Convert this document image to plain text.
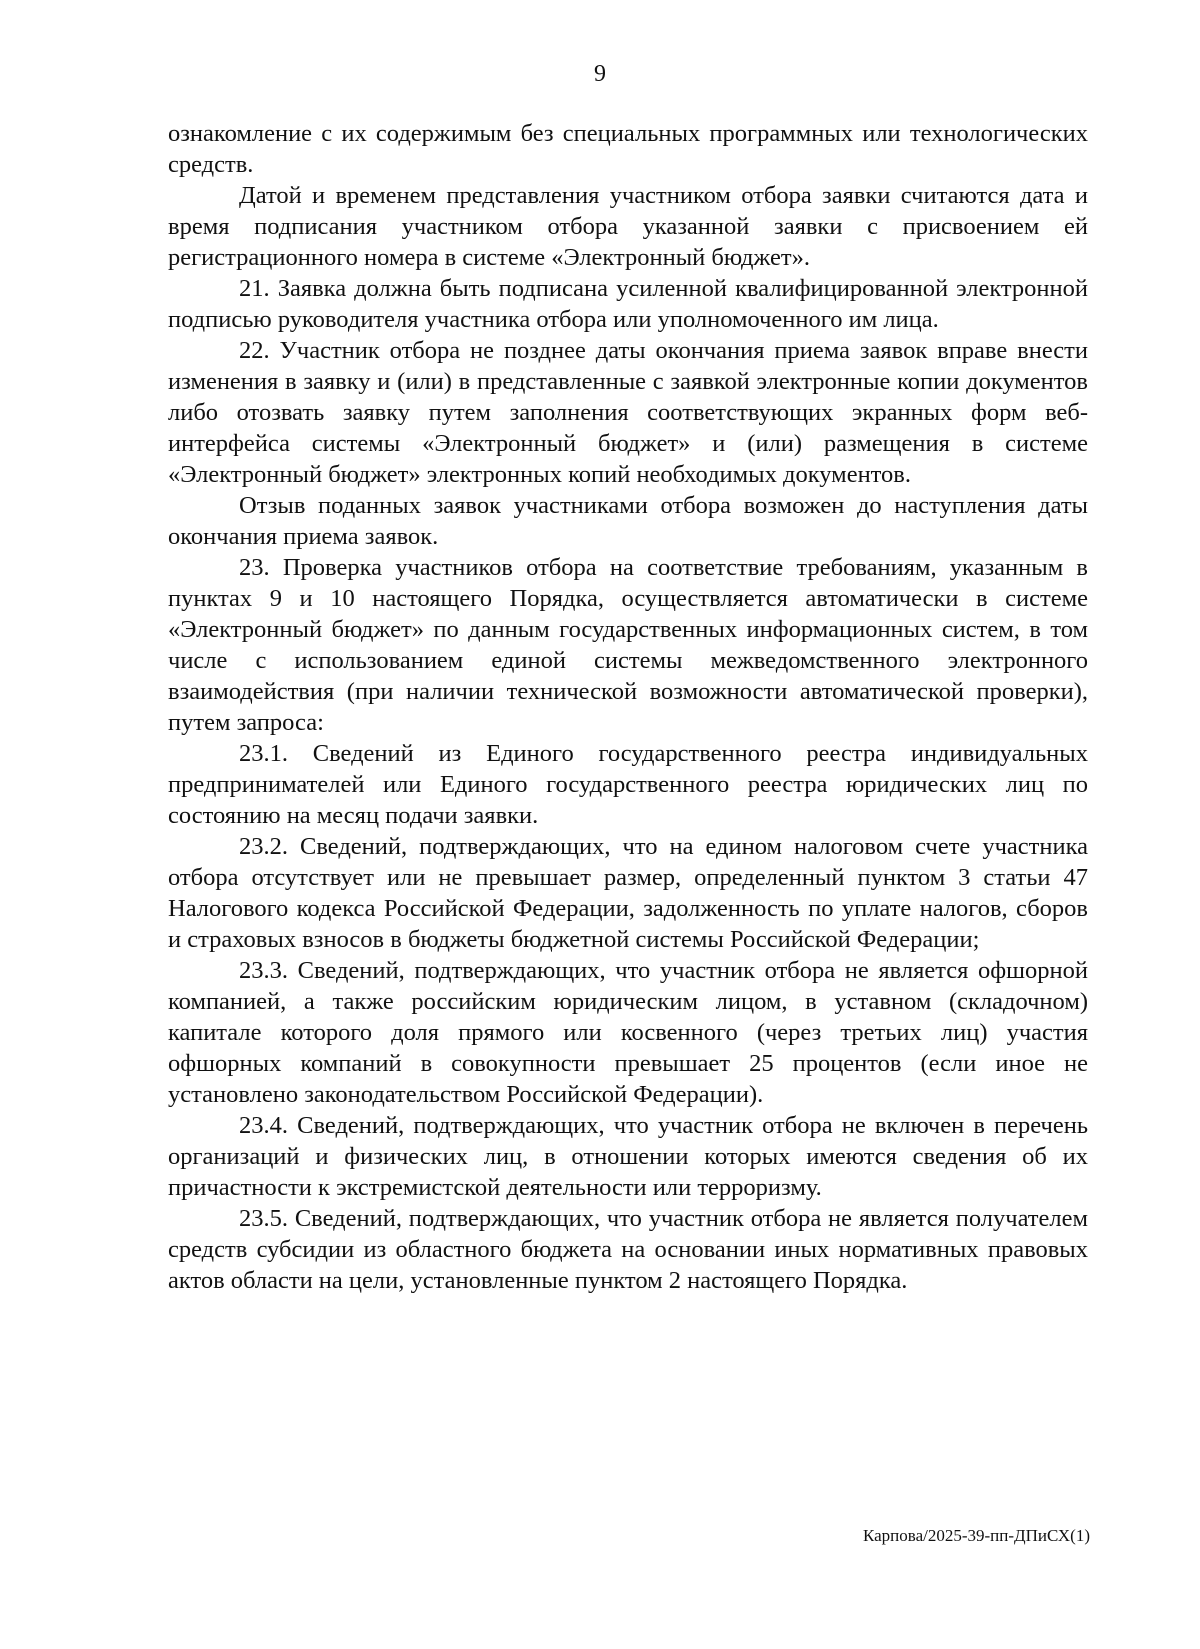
9

ознакомление с их содержимым без специальных программных или технологических средств.

Датой и временем представления участником отбора заявки считаются дата и время подписания участником отбора указанной заявки с присвоением ей регистрационного номера в системе «Электронный бюджет».

21. Заявка должна быть подписана усиленной квалифицированной электронной подписью руководителя участника отбора или уполномоченного им лица.

22. Участник отбора не позднее даты окончания приема заявок вправе внести изменения в заявку и (или) в представленные с заявкой электронные копии документов либо отозвать заявку путем заполнения соответствующих экранных форм веб-интерфейса системы «Электронный бюджет» и (или) размещения в системе «Электронный бюджет» электронных копий необходимых документов.

Отзыв поданных заявок участниками отбора возможен до наступления даты окончания приема заявок.

23. Проверка участников отбора на соответствие требованиям, указанным в пунктах 9 и 10 настоящего Порядка, осуществляется автоматически в системе «Электронный бюджет» по данным государственных информационных систем, в том числе с использованием единой системы межведомственного электронного взаимодействия (при наличии технической возможности автоматической проверки), путем запроса:

23.1. Сведений из Единого государственного реестра индивидуальных предпринимателей или Единого государственного реестра юридических лиц по состоянию на месяц подачи заявки.

23.2. Сведений, подтверждающих, что на едином налоговом счете участника отбора отсутствует или не превышает размер, определенный пунктом 3 статьи 47 Налогового кодекса Российской Федерации, задолженность по уплате налогов, сборов и страховых взносов в бюджеты бюджетной системы Российской Федерации;

23.3. Сведений, подтверждающих, что участник отбора не является офшорной компанией, а также российским юридическим лицом, в уставном (складочном) капитале которого доля прямого или косвенного (через третьих лиц) участия офшорных компаний в совокупности превышает 25 процентов (если иное не установлено законодательством Российской Федерации).

23.4. Сведений, подтверждающих, что участник отбора не включен в перечень организаций и физических лиц, в отношении которых имеются сведения об их причастности к экстремистской деятельности или терроризму.

23.5. Сведений, подтверждающих, что участник отбора не является получателем средств субсидии из областного бюджета на основании иных нормативных правовых актов области на цели, установленные пунктом 2 настоящего Порядка.

Карпова/2025-39-пп-ДПиСХ(1)
